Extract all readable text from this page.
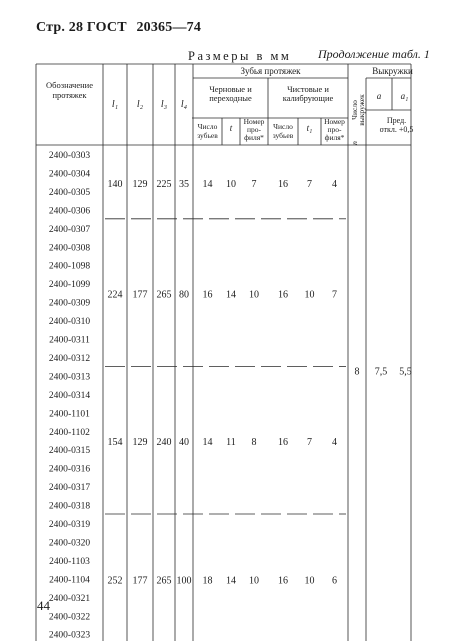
Стр. 28 ГОСТ 20365—74
Размеры в мм Продолжение табл. 1
Обозначение
протяжек
l₁ l₂ l₃ l₄
Зубья протяжек
Черновые и
переходные
Чистовые и
калибрующие
Выкружки
Число
зубьев
t
Номер
про-
филя*
Число
зубьев
t₁
Номер
про-
филя*
Число
выкружек
n
a a₁
Пред.
откл. +0,5
2400-0303
2400-0304
2400-0305
2400-0306
2400-0307
2400-0308
2400-1098
2400-1099
2400-0309
2400-0310
2400-0311
2400-0312
2400-0313
2400-0314
2400-1101
2400-1102
2400-0315
2400-0316
2400-0317
2400-0318
2400-0319
2400-0320
2400-1103
2400-1104
2400-0321
2400-0322
2400-0323
140 129 225 35 14 10 7 16 7 4
224 177 265 80 16 14 10 16 10 7
154 129 240 40 14 11 8 16 7 4
252 177 265 100 18 14 10 16 10 6
8 7,5 5,5
44
